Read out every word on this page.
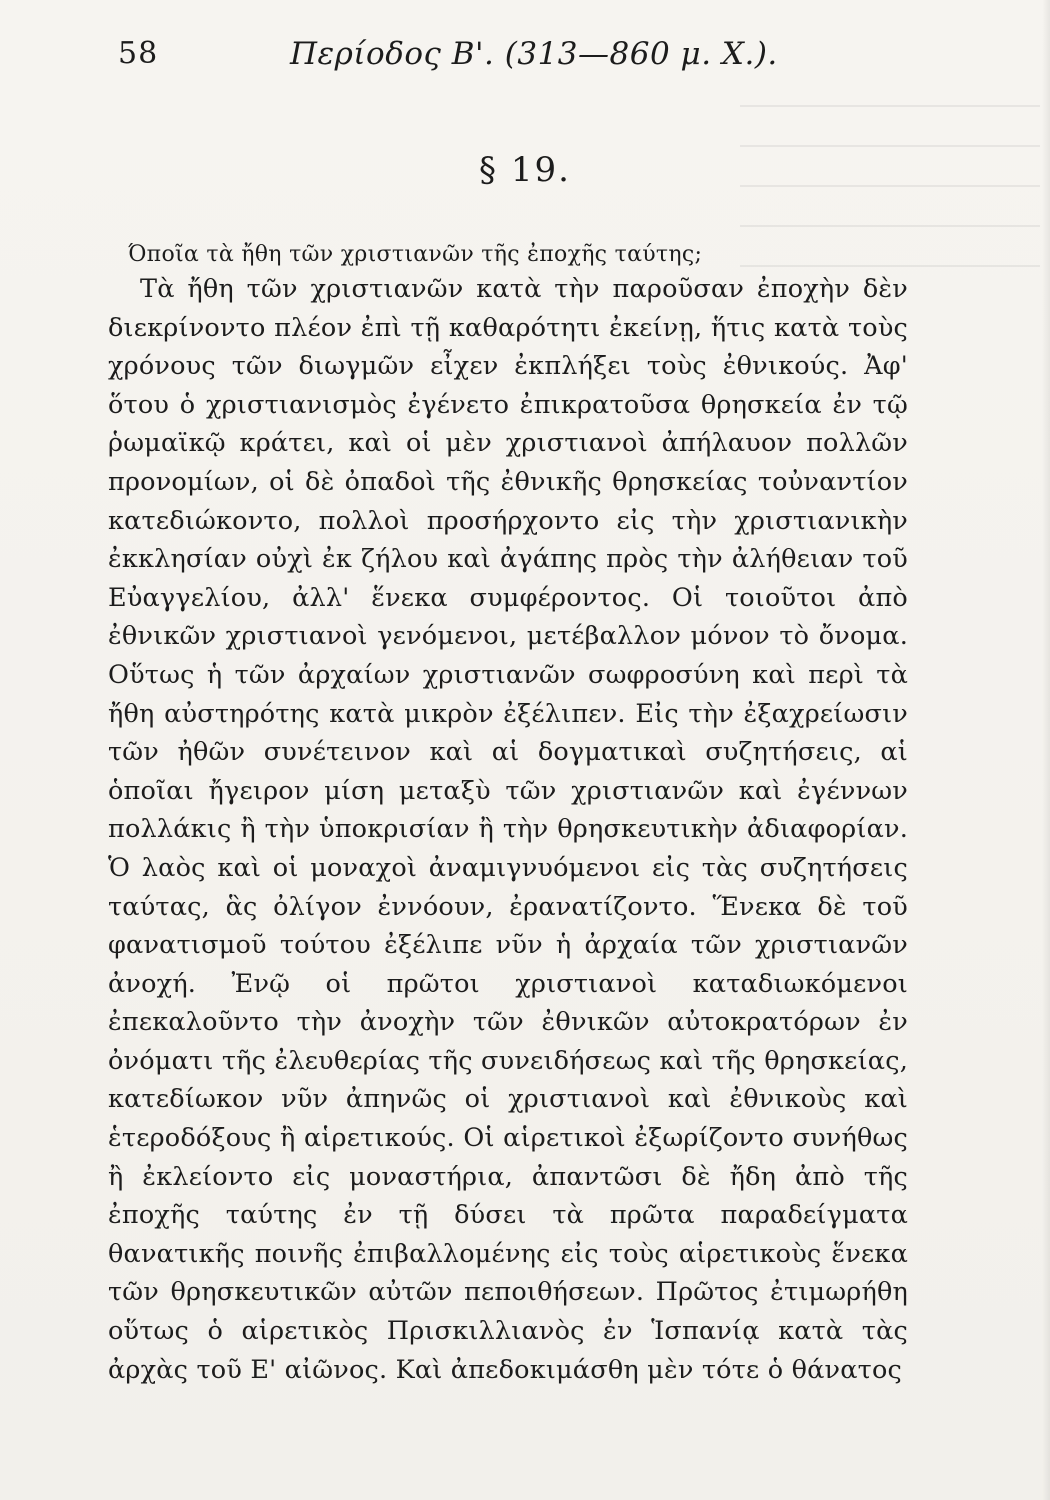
58	Περίοδος Β'. (313—860 μ. Χ.).
§ 19.
Όποῖα τὰ ἤθη τῶν χριστιανῶν τῆς ἐποχῆς ταύτης;

Τὰ ἤθη τῶν χριστιανῶν κατὰ τὴν παροῦσαν ἐποχὴν δὲν διεκρίνοντο πλέον ἐπὶ τῇ καθαρότητι ἐκείνῃ, ἥτις κατὰ τοὺς χρόνους τῶν διωγμῶν εἶχεν ἐκπλήξει τοὺς ἐθνικούς. Ἀφ' ὅτου ὁ χριστιανισμὸς ἐγένετο ἐπικρατοῦσα θρησκεία ἐν τῷ ῥωμαϊκῷ κράτει, καὶ οἱ μὲν χριστιανοὶ ἀπήλαυον πολλῶν προνομίων, οἱ δὲ ὀπαδοὶ τῆς ἐθνικῆς θρησκείας τοὐναντίον κατεδιώκοντο, πολλοὶ προσήρχοντο εἰς τὴν χριστιανικὴν ἐκκλησίαν οὐχὶ ἐκ ζήλου καὶ ἀγάπης πρὸς τὴν ἀλήθειαν τοῦ Εὐαγγελίου, ἀλλ' ἕνεκα συμφέροντος. Οἱ τοιοῦτοι ἀπὸ ἐθνικῶν χριστιανοὶ γενόμενοι, μετέβαλλον μόνον τὸ ὄνομα. Οὕτως ἡ τῶν ἀρχαίων χριστιανῶν σωφροσύνη καὶ περὶ τὰ ἤθη αὐστηρότης κατὰ μικρὸν ἐξέλιπεν. Εἰς τὴν ἐξαχρείωσιν τῶν ἠθῶν συνέτεινον καὶ αἱ δογματικαὶ συζητήσεις, αἱ ὁποῖαι ἤγειρον μίση μεταξὺ τῶν χριστιανῶν καὶ ἐγέννων πολλάκις ἢ τὴν ὑποκρισίαν ἢ τὴν θρησκευτικὴν ἀδιαφορίαν. Ὁ λαὸς καὶ οἱ μοναχοὶ ἀναμιγνυόμενοι εἰς τὰς συζητήσεις ταύτας, ἃς ὀλίγον ἐννόουν, ἐρανατίζοντο. Ἕνεκα δὲ τοῦ φανατισμοῦ τούτου ἐξέλιπε νῦν ἡ ἀρχαία τῶν χριστιανῶν ἀνοχή. Ἐνῷ οἱ πρῶτοι χριστιανοὶ καταδιωκόμενοι ἐπεκαλοῦντο τὴν ἀνοχὴν τῶν ἐθνικῶν αὐτοκρατόρων ἐν ὀνόματι τῆς ἐλευθερίας τῆς συνειδήσεως καὶ τῆς θρησκείας, κατεδίωκον νῦν ἀπηνῶς οἱ χριστιανοὶ καὶ ἐθνικοὺς καὶ ἑτεροδόξους ἢ αἱρετικούς. Οἱ αἱρετικοὶ ἐξωρίζοντο συνήθως ἢ ἐκλείοντο εἰς μοναστήρια, ἀπαντῶσι δὲ ἤδη ἀπὸ τῆς ἐποχῆς ταύτης ἐν τῇ δύσει τὰ πρῶτα παραδείγματα θανατικῆς ποινῆς ἐπιβαλλομένης εἰς τοὺς αἱρετικοὺς ἕνεκα τῶν θρησκευτικῶν αὐτῶν πεποιθήσεων. Πρῶτος ἐτιμωρήθη οὕτως ὁ αἱρετικὸς Πρισκιλλιανὸς ἐν Ἱσπανίᾳ κατὰ τὰς ἀρχὰς τοῦ Ε' αἰῶνος. Καὶ ἀπεδοκιμάσθη μὲν τότε ὁ θάνατος
